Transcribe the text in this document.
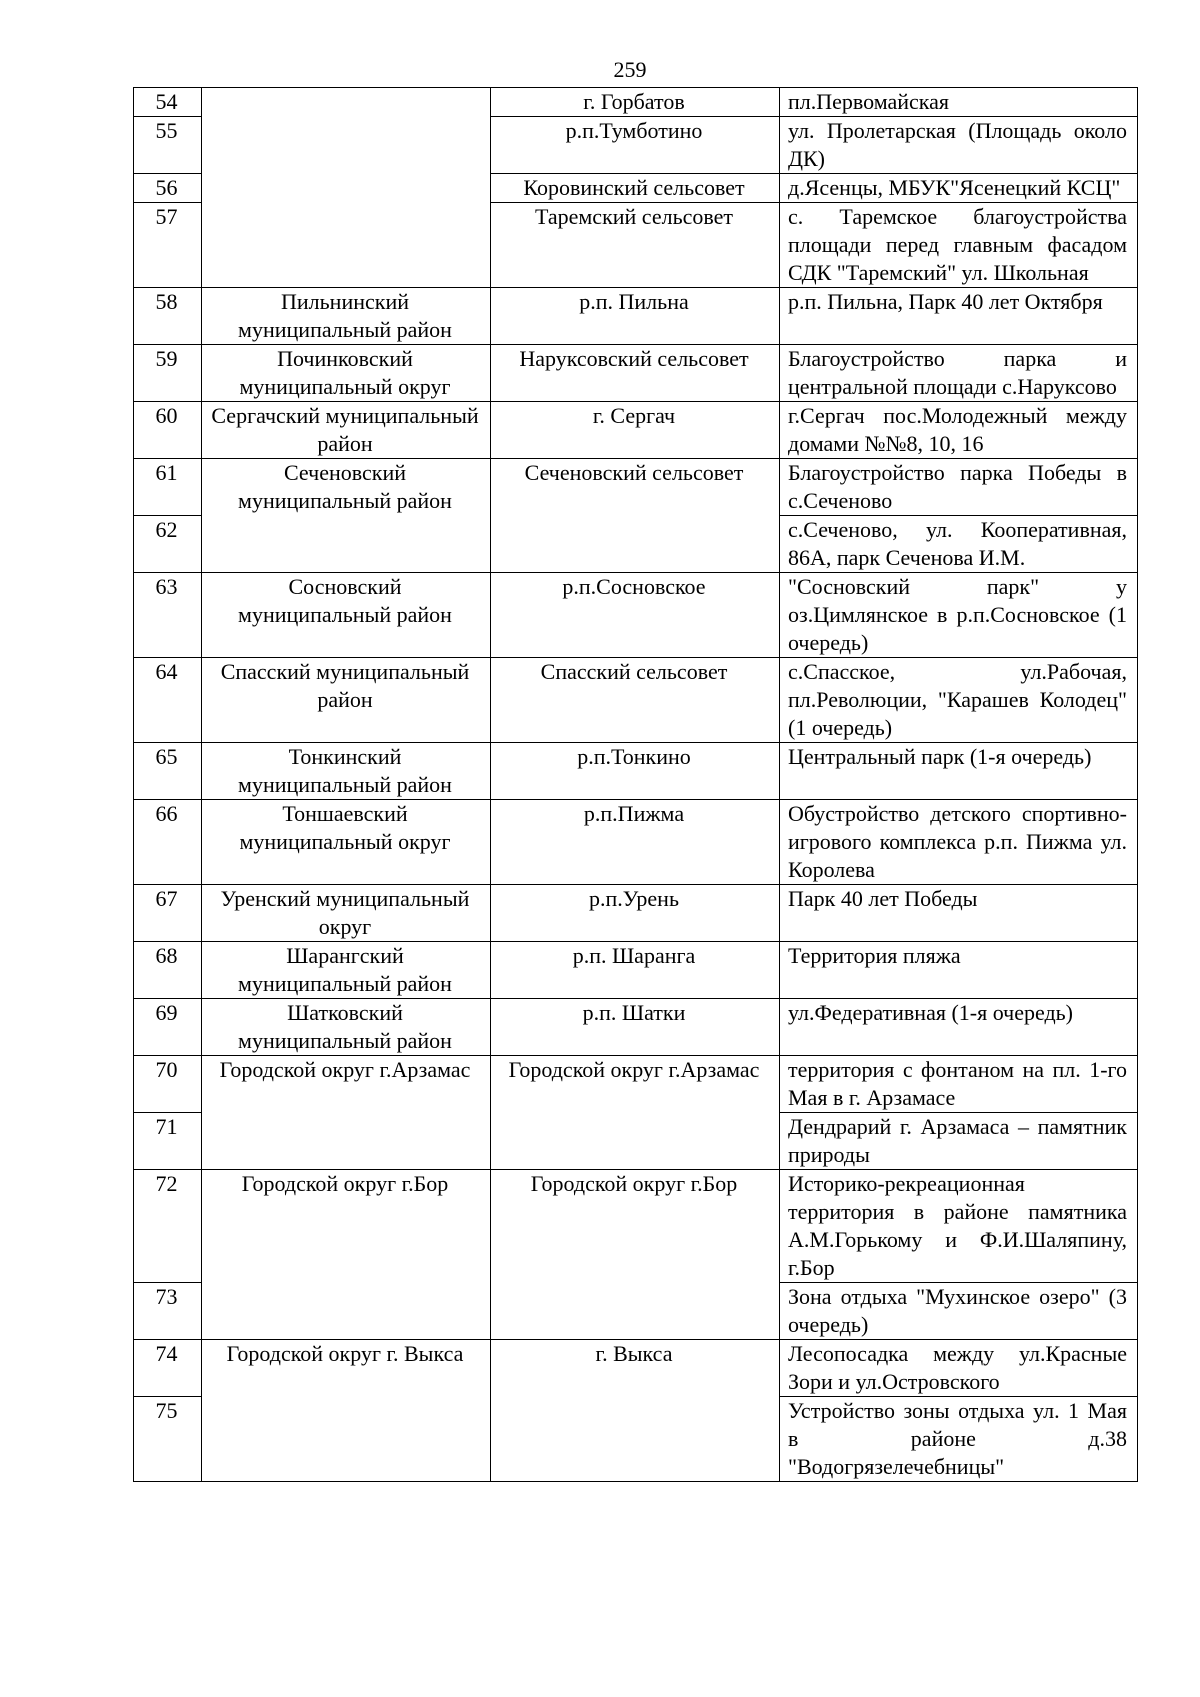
259
54		г. Горбатов	пл.Первомайская
55		р.п.Тумботино	ул. Пролетарская (Площадь около ДК)
56		Коровинский сельсовет	д.Ясенцы, МБУК"Ясенецкий КСЦ"
57		Таремский сельсовет	с. Таремское благоустройства площади перед главным фасадом СДК "Таремский" ул. Школьная
58	Пильнинский муниципальный район	р.п. Пильна	р.п. Пильна, Парк 40 лет Октября
59	Починковский муниципальный округ	Наруксовский сельсовет	Благоустройство парка и центральной площади с.Наруксово
60	Сергачский муниципальный район	г. Сергач	г.Сергач пос.Молодежный между домами №№8, 10, 16
61	Сеченовский муниципальный район	Сеченовский сельсовет	Благоустройство парка Победы в с.Сеченово
62			с.Сеченово, ул. Кооперативная, 86А, парк Сеченова И.М.
63	Сосновский муниципальный район	р.п.Сосновское	"Сосновский парк" у оз.Цимлянское в р.п.Сосновское (1 очередь)
64	Спасский муниципальный район	Спасский сельсовет	с.Спасское, ул.Рабочая, пл.Революции, "Карашев Колодец" (1 очередь)
65	Тонкинский муниципальный район	р.п.Тонкино	Центральный парк (1-я очередь)
66	Тоншаевский муниципальный округ	р.п.Пижма	Обустройство детского спортивно-игрового комплекса р.п. Пижма ул. Королева
67	Уренский муниципальный округ	р.п.Урень	Парк 40 лет Победы
68	Шарангский муниципальный район	р.п. Шаранга	Территория пляжа
69	Шатковский муниципальный район	р.п. Шатки	ул.Федеративная (1-я очередь)
70	Городской округ г.Арзамас	Городской округ г.Арзамас	территория с фонтаном на пл. 1-го Мая в г. Арзамасе
71			Дендрарий г. Арзамаса – памятник природы
72	Городской округ г.Бор	Городской округ г.Бор	Историко-рекреационная территория в районе памятника А.М.Горькому и Ф.И.Шаляпину, г.Бор
73			Зона отдыха "Мухинское озеро" (3 очередь)
74	Городской округ г. Выкса	г. Выкса	Лесопосадка между ул.Красные Зори и ул.Островского
75			Устройство зоны отдыха ул. 1 Мая в районе д.38 "Водогрязелечебницы"
